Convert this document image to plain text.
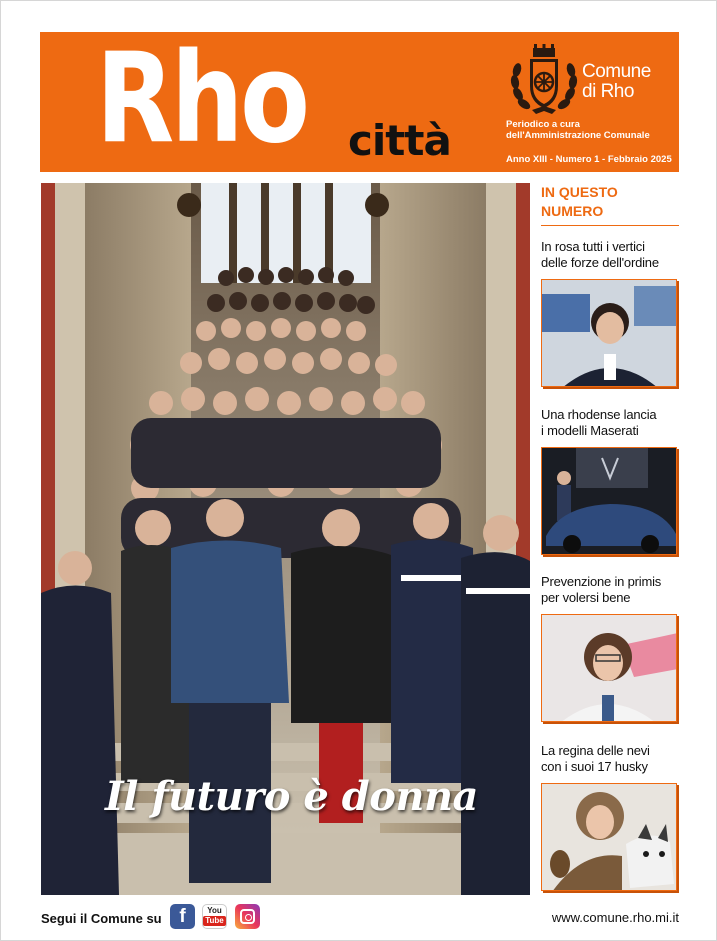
Rho città
Comune
di Rho
Periodico a cura
dell'Amministrazione Comunale
Anno XIII - Numero 1 - Febbraio 2025
Il futuro è donna
IN QUESTO
NUMERO
In rosa tutti i vertici
delle forze dell'ordine
Una rhodense lancia
i modelli Maserati
Prevenzione in primis
per volersi bene
La regina delle nevi
con i suoi 17 husky
Segui il Comune su f	You
Tube	www.comune.rho.mi.it
